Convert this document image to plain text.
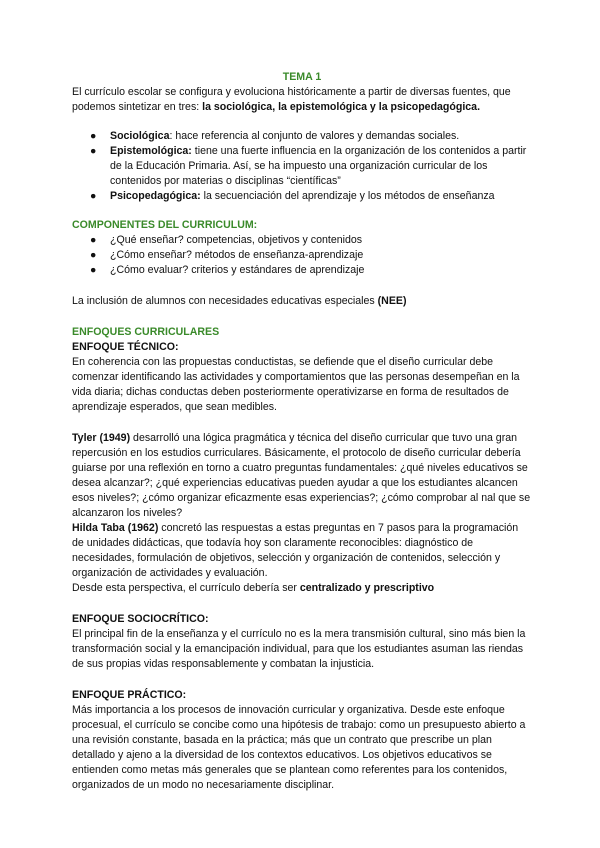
TEMA 1

El currículo escolar se configura y evoluciona históricamente a partir de diversas fuentes, que podemos sintetizar en tres: la sociológica, la epistemológica y la psicopedagógica.

● Sociológica: hace referencia al conjunto de valores y demandas sociales.
● Epistemológica: tiene una fuerte influencia en la organización de los contenidos a partir de la Educación Primaria. Así, se ha impuesto una organización curricular de los contenidos por materias o disciplinas “científicas”
● Psicopedagógica: la secuenciación del aprendizaje y los métodos de enseñanza

COMPONENTES DEL CURRICULUM:

● ¿Qué enseñar? competencias, objetivos y contenidos
● ¿Cómo enseñar? métodos de enseñanza-aprendizaje
● ¿Cómo evaluar? criterios y estándares de aprendizaje

La inclusión de alumnos con necesidades educativas especiales (NEE)

ENFOQUES CURRICULARES

ENFOQUE TÉCNICO:

En coherencia con las propuestas conductistas, se defiende que el diseño curricular debe comenzar identificando las actividades y comportamientos que las personas desempeñan en la vida diaria; dichas conductas deben posteriormente operativizarse en forma de resultados de aprendizaje esperados, que sean medibles.

Tyler (1949) desarrolló una lógica pragmática y técnica del diseño curricular que tuvo una gran repercusión en los estudios curriculares. Básicamente, el protocolo de diseño curricular debería guiarse por una reflexión en torno a cuatro preguntas fundamentales: ¿qué niveles educativos se desea alcanzar?; ¿qué experiencias educativas pueden ayudar a que los estudiantes alcancen esos niveles?; ¿cómo organizar eficazmente esas experiencias?; ¿cómo comprobar al nal que se alcanzaron los niveles?

Hilda Taba (1962) concretó las respuestas a estas preguntas en 7 pasos para la programación de unidades didácticas, que todavía hoy son claramente reconocibles: diagnóstico de necesidades, formulación de objetivos, selección y organización de contenidos, selección y organización de actividades y evaluación.

Desde esta perspectiva, el currículo debería ser centralizado y prescriptivo

ENFOQUE SOCIOCRÍTICO:

El principal fin de la enseñanza y el currículo no es la mera transmisión cultural, sino más bien la transformación social y la emancipación individual, para que los estudiantes asuman las riendas de sus propias vidas responsablemente y combatan la injusticia.

ENFOQUE PRÁCTICO:

Más importancia a los procesos de innovación curricular y organizativa. Desde este enfoque procesual, el currículo se concibe como una hipótesis de trabajo: como un presupuesto abierto a una revisión constante, basada en la práctica; más que un contrato que prescribe un plan detallado y ajeno a la diversidad de los contextos educativos. Los objetivos educativos se entienden como metas más generales que se plantean como referentes para los contenidos, organizados de un modo no necesariamente disciplinar.
